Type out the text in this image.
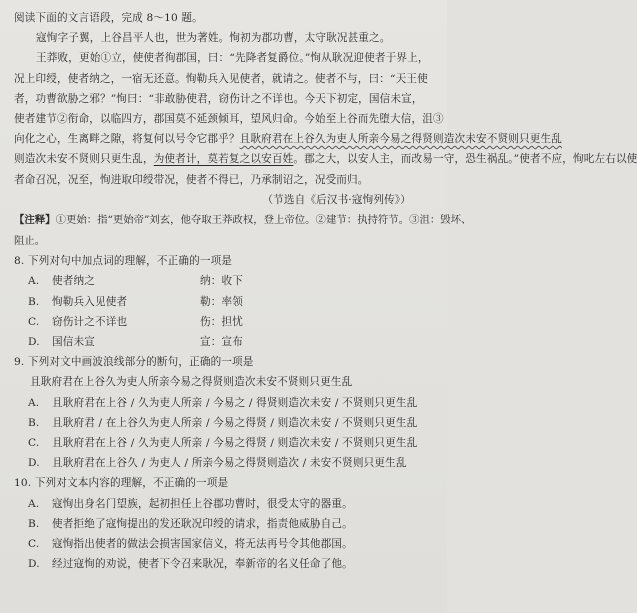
阅读下面的文言语段，完成 8～10 题。
寇恂字子翼，上谷昌平人也，世为著姓。恂初为郡功曹，太守耿况甚重之。
王莽败，更始①立，使使者徇郡国，曰：“先降者复爵位。”恂从耿况迎使者于界上，
况上印绶，使者纳之，一宿无还意。恂勒兵入见使者，就请之。使者不与，曰：“天王使
者，功曹欲胁之邪？”恂曰：“非敢胁使君，窃伤计之不详也。今天下初定，国信未宣，
使者建节②衔命，以临四方，郡国莫不延颈倾耳，望风归命。今始至上谷而先堕大信，沮③
向化之心，生离畔之隙，将复何以号令它郡乎？且耿府君在上谷久为吏人所亲今易之得贤则造次未安不贤则只更生乱
则造次未安不贤则只更生乱，为使者计，莫若复之以安百姓。郡之大，以安人主，而改易一守，恐生祸乱。”使者不应，恂叱左右以使
者命召况，况至，恂进取印绶带况，使者不得已，乃承制诏之，况受而归。
（节选自《后汉书·寇恂列传》）
【注释】①更始：指“更始帝”刘玄，他夺取王莽政权，登上帝位。②建节：执持符节。③沮：毁坏、
阻止。
8. 下列对句中加点词的理解，不正确的一项是
A. 使者纳之	纳：收下
B. 恂勒兵入见使者	勒：率领
C. 窃伤计之不详也	伤：担忧
D. 国信未宣	宣：宣布
9. 下列对文中画波浪线部分的断句，正确的一项是
且耿府君在上谷久为吏人所亲今易之得贤则造次未安不贤则只更生乱
A. 且耿府君在上谷 / 久为吏人所亲 / 今易之 / 得贤则造次未安 / 不贤则只更生乱
B. 且耿府君 / 在上谷久为吏人所亲 / 今易之得贤 / 则造次未安 / 不贤则只更生乱
C. 且耿府君在上谷 / 久为吏人所亲 / 今易之得贤 / 则造次未安 / 不贤则只更生乱
D. 且耿府君在上谷久 / 为吏人 / 所亲今易之得贤则造次 / 未安不贤则只更生乱
10. 下列对文本内容的理解，不正确的一项是
A. 寇恂出身名门望族，起初担任上谷郡功曹时，很受太守的器重。
B. 使者拒绝了寇恂提出的发还耿况印绶的请求，指责他威胁自己。
C. 寇恂指出使者的做法会损害国家信义，将无法再号令其他郡国。
D. 经过寇恂的劝说，使者下令召来耿况，奉新帝的名义任命了他。
